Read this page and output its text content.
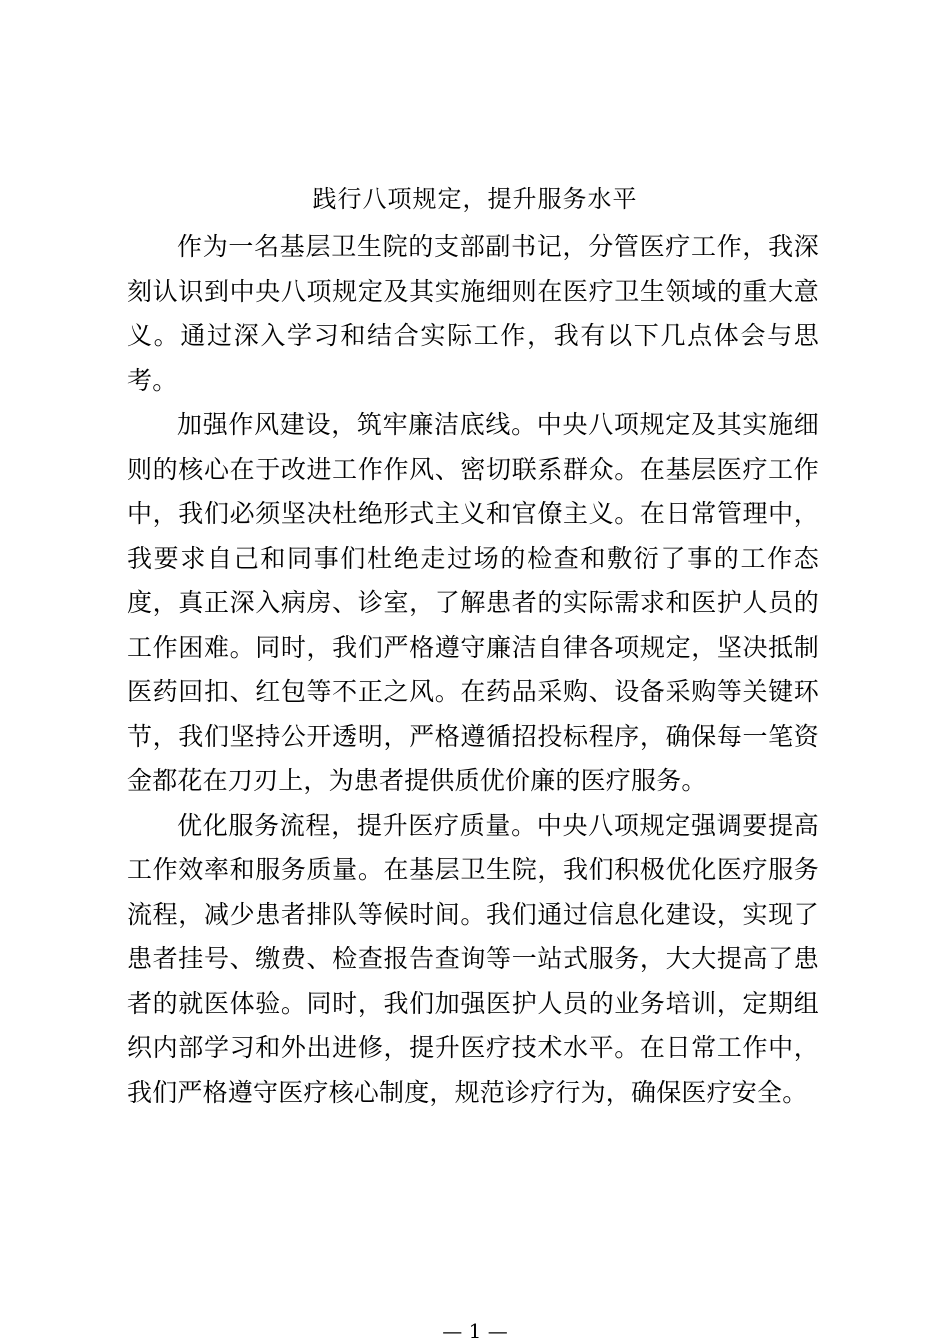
践行八项规定，提升服务水平

作为一名基层卫生院的支部副书记，分管医疗工作，我深刻认识到中央八项规定及其实施细则在医疗卫生领域的重大意义。通过深入学习和结合实际工作，我有以下几点体会与思考。

加强作风建设，筑牢廉洁底线。中央八项规定及其实施细则的核心在于改进工作作风、密切联系群众。在基层医疗工作中，我们必须坚决杜绝形式主义和官僚主义。在日常管理中，我要求自己和同事们杜绝走过场的检查和敷衍了事的工作态度，真正深入病房、诊室，了解患者的实际需求和医护人员的工作困难。同时，我们严格遵守廉洁自律各项规定，坚决抵制医药回扣、红包等不正之风。在药品采购、设备采购等关键环节，我们坚持公开透明，严格遵循招投标程序，确保每一笔资金都花在刀刃上，为患者提供质优价廉的医疗服务。

优化服务流程，提升医疗质量。中央八项规定强调要提高工作效率和服务质量。在基层卫生院，我们积极优化医疗服务流程，减少患者排队等候时间。我们通过信息化建设，实现了患者挂号、缴费、检查报告查询等一站式服务，大大提高了患者的就医体验。同时，我们加强医护人员的业务培训，定期组织内部学习和外出进修，提升医疗技术水平。在日常工作中，我们严格遵守医疗核心制度，规范诊疗行为，确保医疗安全。

— 1 —
